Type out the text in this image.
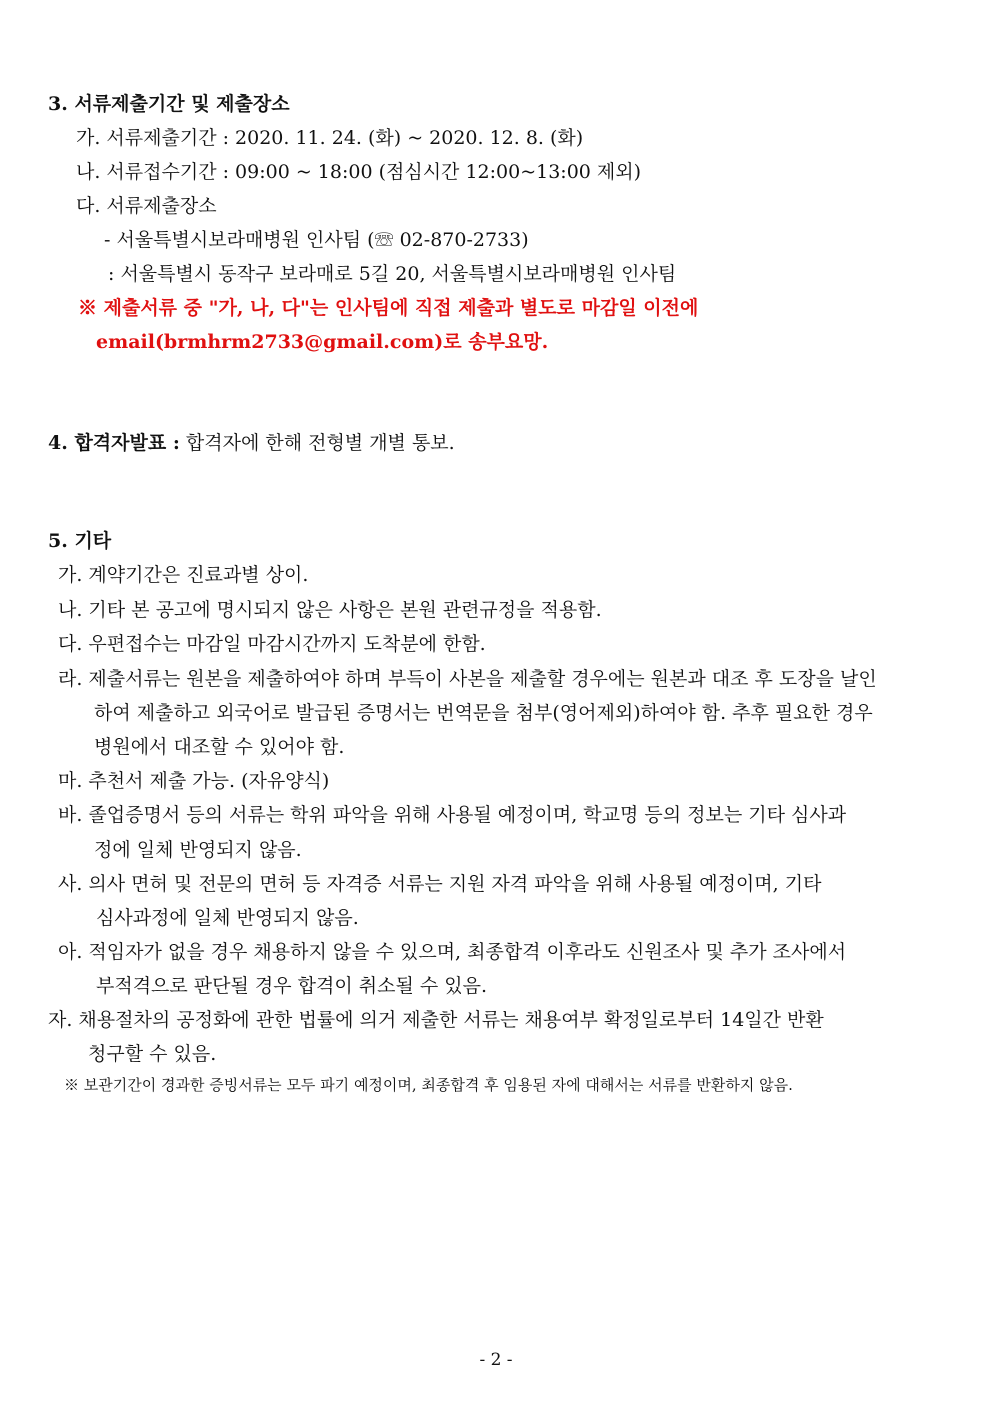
3. 서류제출기간 및 제출장소
가. 서류제출기간 : 2020. 11. 24. (화) ~ 2020. 12. 8. (화)
나. 서류접수기간 : 09:00 ~ 18:00 (점심시간 12:00~13:00 제외)
다. 서류제출장소
- 서울특별시보라매병원 인사팀 (☏ 02-870-2733)
: 서울특별시 동작구 보라매로 5길 20, 서울특별시보라매병원 인사팀
※ 제출서류 중 "가, 나, 다"는 인사팀에 직접 제출과 별도로 마감일 이전에
email(brmhrm2733@gmail.com)로 송부요망.
4. 합격자발표 : 합격자에 한해 전형별 개별 통보.
5. 기타
가. 계약기간은 진료과별 상이.
나. 기타 본 공고에 명시되지 않은 사항은 본원 관련규정을 적용함.
다. 우편접수는 마감일 마감시간까지 도착분에 한함.
라. 제출서류는 원본을 제출하여야 하며 부득이 사본을 제출할 경우에는 원본과 대조 후 도장을 날인
하여 제출하고 외국어로 발급된 증명서는 번역문을 첨부(영어제외)하여야 함. 추후 필요한 경우
병원에서 대조할 수 있어야 함.
마. 추천서 제출 가능. (자유양식)
바. 졸업증명서 등의 서류는 학위 파악을 위해 사용될 예정이며, 학교명 등의 정보는 기타 심사과
정에 일체 반영되지 않음.
사. 의사 면허 및 전문의 면허 등 자격증 서류는 지원 자격 파악을 위해 사용될 예정이며, 기타
심사과정에 일체 반영되지 않음.
아. 적임자가 없을 경우 채용하지 않을 수 있으며, 최종합격 이후라도 신원조사 및 추가 조사에서
부적격으로 판단될 경우 합격이 취소될 수 있음.
자. 채용절차의 공정화에 관한 법률에 의거 제출한 서류는 채용여부 확정일로부터 14일간 반환
청구할 수 있음.
※ 보관기간이 경과한 증빙서류는 모두 파기 예정이며, 최종합격 후 임용된 자에 대해서는 서류를 반환하지 않음.
- 2 -
